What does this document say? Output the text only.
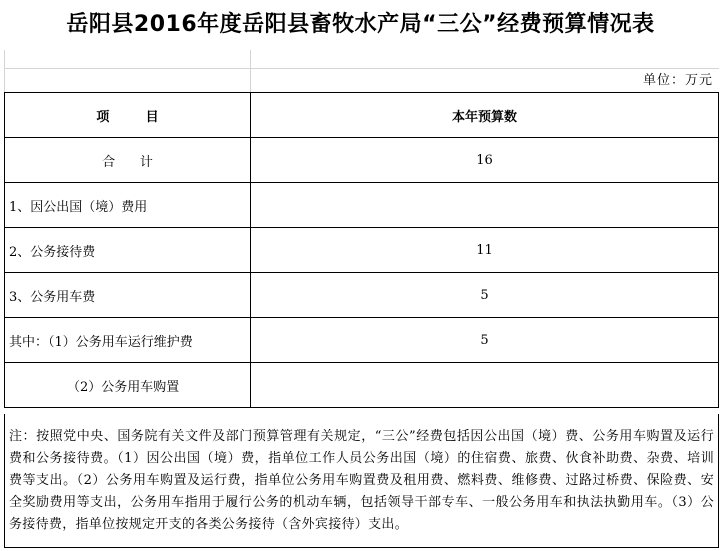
岳阳县2016年度岳阳县畜牧水产局“三公”经费预算情况表
单位：万元
项        目	本年预算数
合      计	16
1、因公出国（境）费用	
2、公务接待费	11
3、公务用车费	5
其中：（1）公务用车运行维护费	5
（2）公务用车购置	
注：按照党中央、国务院有关文件及部门预算管理有关规定，“三公”经费包括因公出国（境）费、公务用车购置及运行费和公务接待费。（1）因公出国（境）费，指单位工作人员公务出国（境）的住宿费、旅费、伙食补助费、杂费、培训费等支出。（2）公务用车购置及运行费，指单位公务用车购置费及租用费、燃料费、维修费、过路过桥费、保险费、安全奖励费用等支出，公务用车指用于履行公务的机动车辆，包括领导干部专车、一般公务用车和执法执勤用车。（3）公务接待费，指单位按规定开支的各类公务接待（含外宾接待）支出。
